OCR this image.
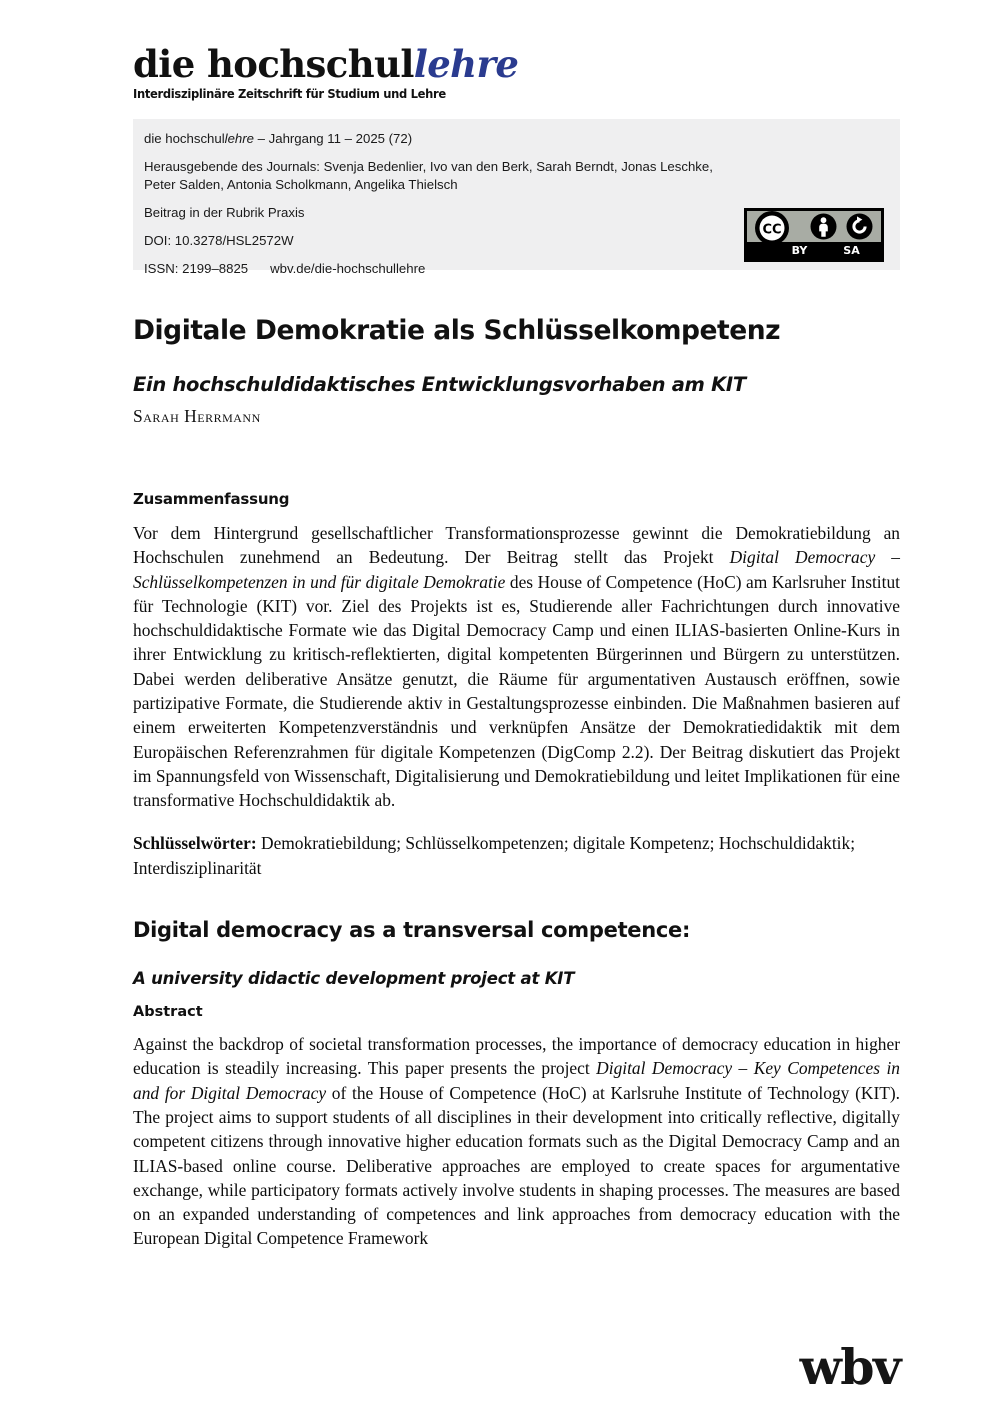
die hochschullehre
Interdisziplinäre Zeitschrift für Studium und Lehre
die hochschullehre – Jahrgang 11 – 2025 (72)
Herausgebende des Journals: Svenja Bedenlier, Ivo van den Berk, Sarah Berndt, Jonas Leschke,
Peter Salden, Antonia Scholkmann, Angelika Thielsch
Beitrag in der Rubrik Praxis
DOI: 10.3278/HSL2572W
ISSN: 2199–8825 wbv.de/die-hochschullehre
CC
BY	SA
Digitale Demokratie als Schlüsselkompetenz
Ein hochschuldidaktisches Entwicklungsvorhaben am KIT
Sarah Herrmann
Zusammenfassung

Vor dem Hintergrund gesellschaftlicher Transformationsprozesse gewinnt die Demokratiebildung an Hochschulen zunehmend an Bedeutung. Der Beitrag stellt das Projekt Digital Democracy – Schlüsselkompetenzen in und für digitale Demokratie des House of Competence (HoC) am Karlsruher Institut für Technologie (KIT) vor. Ziel des Projekts ist es, Studierende aller Fachrichtungen durch innovative hochschuldidaktische Formate wie das Digital Democracy Camp und einen ILIAS-basierten Online-Kurs in ihrer Entwicklung zu kritisch-reflektierten, digital kompetenten Bürgerinnen und Bürgern zu unterstützen. Dabei werden deliberative Ansätze genutzt, die Räume für argumentativen Austausch eröffnen, sowie partizipative Formate, die Studierende aktiv in Gestaltungsprozesse einbinden. Die Maßnahmen basieren auf einem erweiterten Kompetenzverständnis und verknüpfen Ansätze der Demokratiedidaktik mit dem Europäischen Referenzrahmen für digitale Kompetenzen (DigComp 2.2). Der Beitrag diskutiert das Projekt im Spannungsfeld von Wissenschaft, Digitalisierung und Demokratiebildung und leitet Implikationen für eine transformative Hochschuldidaktik ab.

Schlüsselwörter: Demokratiebildung; Schlüsselkompetenzen; digitale Kompetenz; Hochschuldidaktik; Interdisziplinarität

Digital democracy as a transversal competence:
A university didactic development project at KIT
Abstract

Against the backdrop of societal transformation processes, the importance of democracy education in higher education is steadily increasing. This paper presents the project Digital Democracy – Key Competences in and for Digital Democracy of the House of Competence (HoC) at Karlsruhe Institute of Technology (KIT). The project aims to support students of all disciplines in their development into critically reflective, digitally competent citizens through innovative higher education formats such as the Digital Democracy Camp and an ILIAS-based online course. Deliberative approaches are employed to create spaces for argumentative exchange, while participatory formats actively involve students in shaping processes. The measures are based on an expanded understanding of competences and link approaches from democracy education with the European Digital Competence Framework

wbv
